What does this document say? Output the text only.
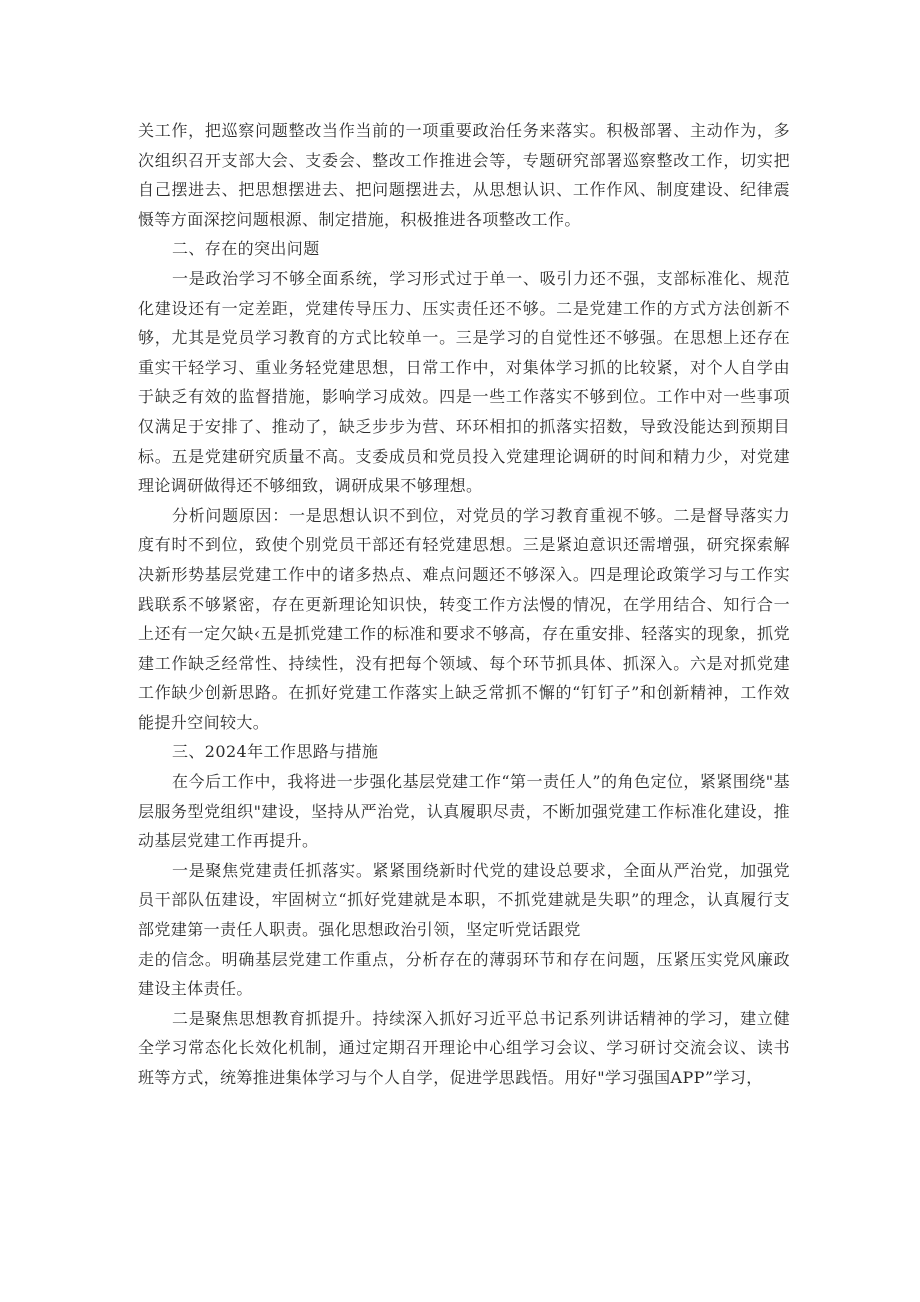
关工作，把巡察问题整改当作当前的一项重要政治任务来落实。积极部署、主动作为，多次组织召开支部大会、支委会、整改工作推进会等，专题研究部署巡察整改工作，切实把自己摆进去、把思想摆进去、把问题摆进去，从思想认识、工作作风、制度建设、纪律震慑等方面深挖问题根源、制定措施，积极推进各项整改工作。

二、存在的突出问题

一是政治学习不够全面系统，学习形式过于单一、吸引力还不强，支部标准化、规范化建设还有一定差距，党建传导压力、压实责任还不够。二是党建工作的方式方法创新不够，尤其是党员学习教育的方式比较单一。三是学习的自觉性还不够强。在思想上还存在重实干轻学习、重业务轻党建思想，日常工作中，对集体学习抓的比较紧，对个人自学由于缺乏有效的监督措施，影响学习成效。四是一些工作落实不够到位。工作中对一些事项仅满足于安排了、推动了，缺乏步步为营、环环相扣的抓落实招数，导致没能达到预期目标。五是党建研究质量不高。支委成员和党员投入党建理论调研的时间和精力少，对党建理论调研做得还不够细致，调研成果不够理想。

分析问题原因：一是思想认识不到位，对党员的学习教育重视不够。二是督导落实力度有时不到位，致使个别党员干部还有轻党建思想。三是紧迫意识还需增强，研究探索解决新形势基层党建工作中的诸多热点、难点问题还不够深入。四是理论政策学习与工作实践联系不够紧密，存在更新理论知识快，转变工作方法慢的情况，在学用结合、知行合一上还有一定欠缺‹五是抓党建工作的标准和要求不够高，存在重安排、轻落实的现象，抓党建工作缺乏经常性、持续性，没有把每个领域、每个环节抓具体、抓深入。六是对抓党建工作缺少创新思路。在抓好党建工作落实上缺乏常抓不懈的“钉钉子”和创新精神，工作效能提升空间较大。

三、2024年工作思路与措施

在今后工作中，我将进一步强化基层党建工作“第一责任人”的角色定位，紧紧围绕"基层服务型党组织"建设，坚持从严治党，认真履职尽责，不断加强党建工作标准化建设，推动基层党建工作再提升。

一是聚焦党建责任抓落实。紧紧围绕新时代党的建设总要求，全面从严治党，加强党员干部队伍建设，牢固树立“抓好党建就是本职，不抓党建就是失职”的理念，认真履行支部党建第一责任人职责。强化思想政治引领，坚定听党话跟党

走的信念。明确基层党建工作重点，分析存在的薄弱环节和存在问题，压紧压实党风廉政建设主体责任。

二是聚焦思想教育抓提升。持续深入抓好习近平总书记系列讲话精神的学习，建立健全学习常态化长效化机制，通过定期召开理论中心组学习会议、学习研讨交流会议、读书班等方式，统筹推进集体学习与个人自学，促进学思践悟。用好"学习强国APP”学习，
